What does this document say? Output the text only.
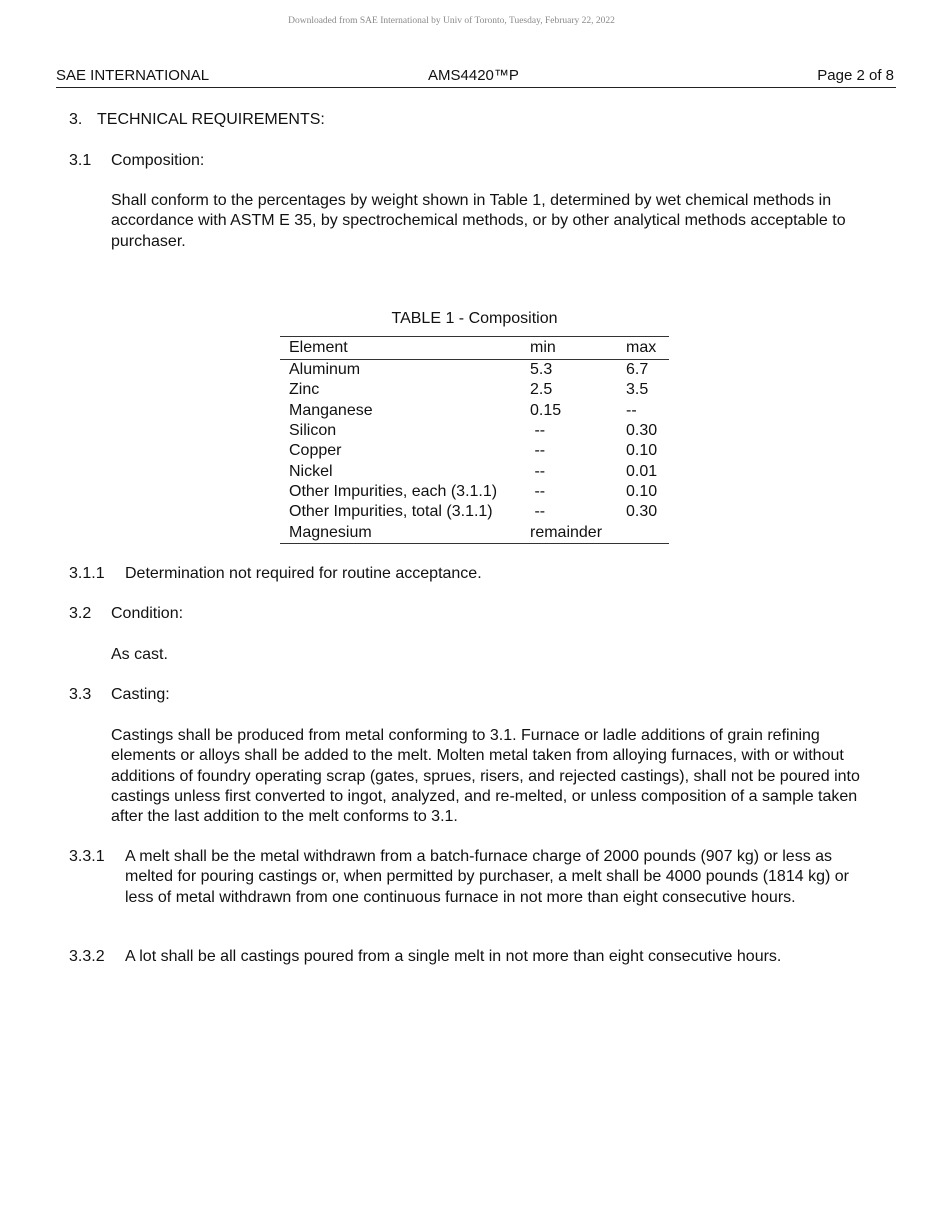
Downloaded from SAE International by Univ of Toronto, Tuesday, February 22, 2022
SAE INTERNATIONAL	AMS4420™P	Page 2 of 8
3. TECHNICAL REQUIREMENTS:
3.1 Composition:
Shall conform to the percentages by weight shown in Table 1, determined by wet chemical methods in accordance with ASTM E 35, by spectrochemical methods, or by other analytical methods acceptable to purchaser.
TABLE 1 - Composition
Element	min	max
Aluminum	5.3	6.7
Zinc	2.5	3.5
Manganese	0.15	--
Silicon	--	0.30
Copper	--	0.10
Nickel	--	0.01
Other Impurities, each (3.1.1)	--	0.10
Other Impurities, total (3.1.1)	--	0.30
Magnesium	remainder	
3.1.1 Determination not required for routine acceptance.
3.2 Condition:
As cast.
3.3 Casting:
Castings shall be produced from metal conforming to 3.1. Furnace or ladle additions of grain refining elements or alloys shall be added to the melt. Molten metal taken from alloying furnaces, with or without additions of foundry operating scrap (gates, sprues, risers, and rejected castings), shall not be poured into castings unless first converted to ingot, analyzed, and re-melted, or unless composition of a sample taken after the last addition to the melt conforms to 3.1.
3.3.1 A melt shall be the metal withdrawn from a batch-furnace charge of 2000 pounds (907 kg) or less as melted for pouring castings or, when permitted by purchaser, a melt shall be 4000 pounds (1814 kg) or less of metal withdrawn from one continuous furnace in not more than eight consecutive hours.
3.3.2 A lot shall be all castings poured from a single melt in not more than eight consecutive hours.
